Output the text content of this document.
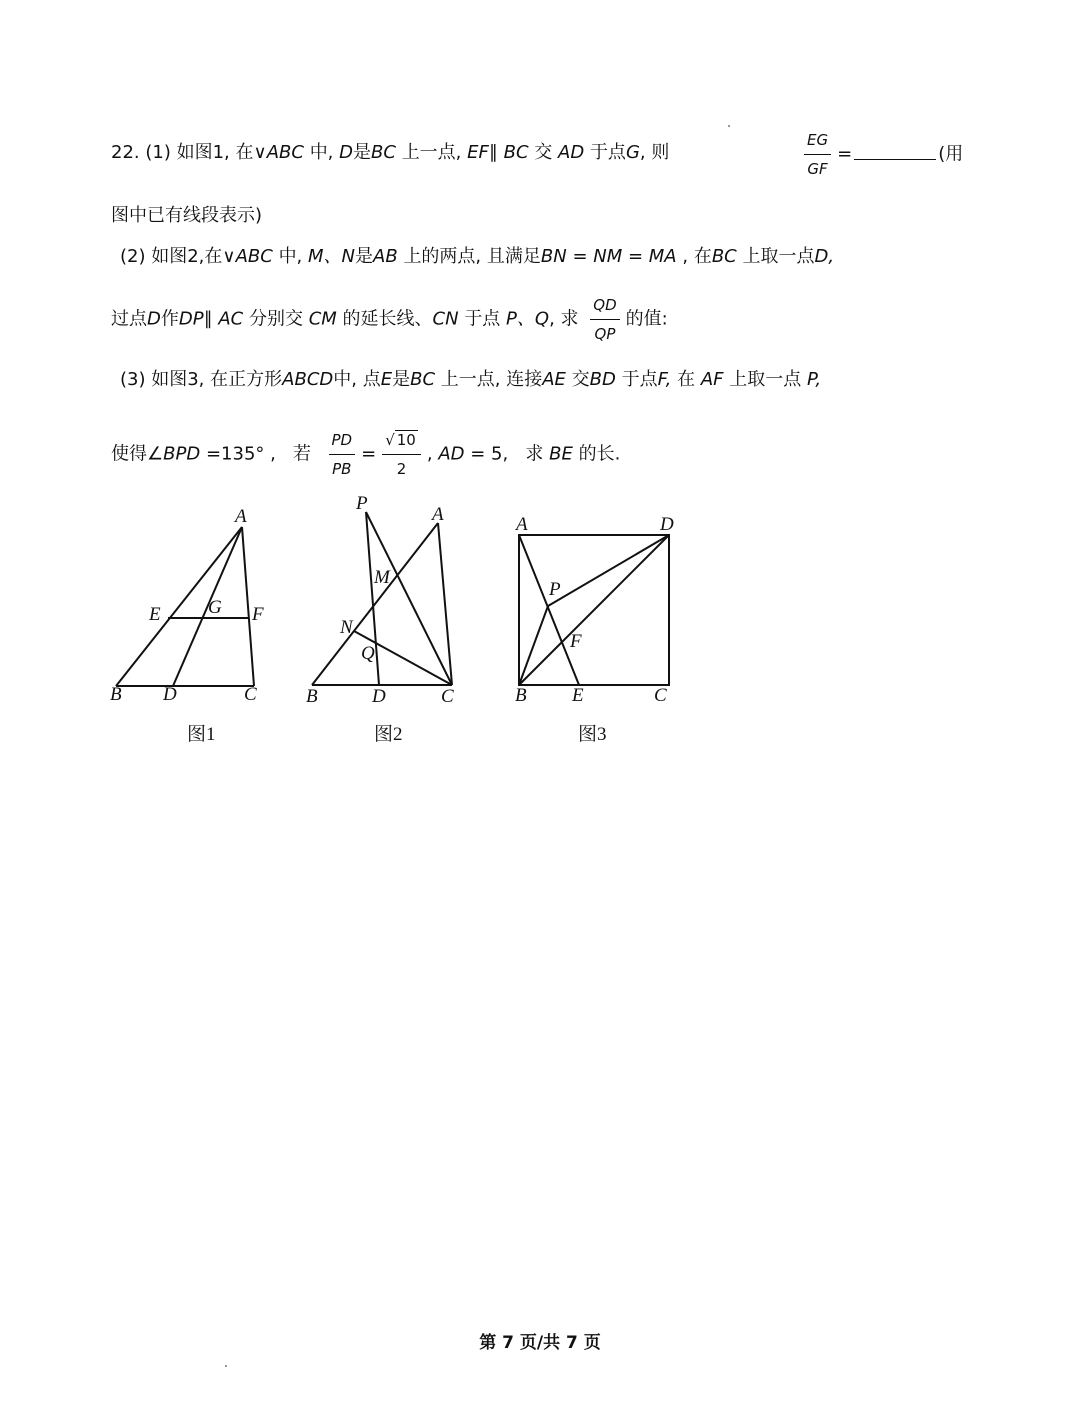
22. (1) 如图1, 在∨ABC 中, D是BC 上一点, EF∥ BC 交 AD 于点G, 则	$\frac{EG}{GF}$ =	(用
图中已有线段表示)
(2) 如图2,在∨ABC 中, M、N是AB 上的两点, 且满足BN = NM = MA , 在BC 上取一点D,
过点D作DP∥ AC 分别交 CM 的延长线、CN 于点 P、Q, 求 $\frac{QD}{QP}$ 的值:
(3) 如图3, 在正方形ABCD中, 点E是BC 上一点, 连接AE 交BD 于点F, 在 AF 上取一点 P,
使得∠BPD =135° , 若 $\frac{PD}{PB} = \frac{√ 10}{2}$ , AD = 5, 求 BE 的长.
A
B D	C
E	F
G
图1
P
A
M
N
Q
B	D	C
图2
A	D
P
F
B E	C
图3
第 7 页/共 7 页
